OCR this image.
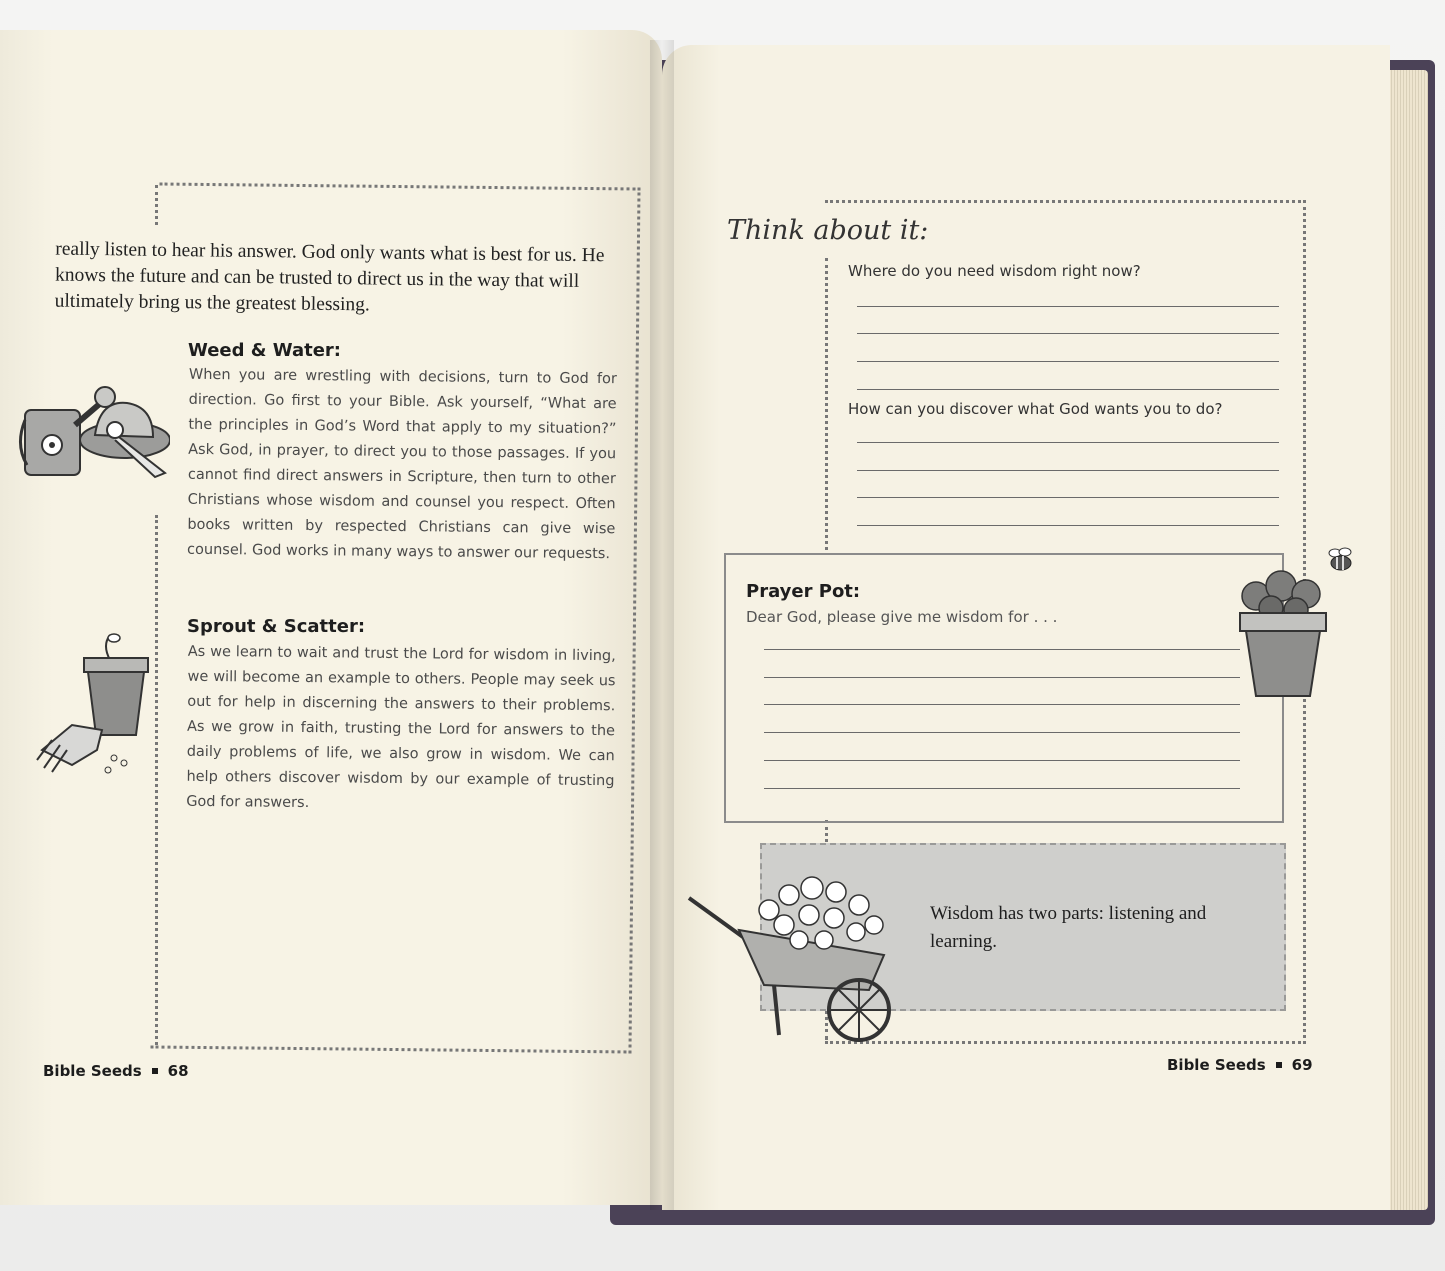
really listen to hear his answer. God only wants what is best for us. He knows the future and can be trusted to direct us in the way that will ultimately bring us the greatest blessing.

Weed & Water:
When you are wrestling with decisions, turn to God for direction. Go first to your Bible. Ask yourself, “What are the principles in God’s Word that apply to my situation?” Ask God, in prayer, to direct you to those passages. If you cannot find direct answers in Scripture, then turn to other Christians whose wisdom and counsel you respect. Often books written by respected Christians can give wise counsel. God works in many ways to answer our requests.
Sprout & Scatter:
As we learn to wait and trust the Lord for wisdom in living, we will become an example to others. People may seek us out for help in discerning the answers to their problems. As we grow in faith, trusting the Lord for answers to the daily problems of life, we also grow in wisdom. We can help others discover wisdom by our example of trusting God for answers.
Bible Seeds 68
Think about it:
Where do you need wisdom right now?
How can you discover what God wants you to do?
Prayer Pot:
Dear God, please give me wisdom for . . .
Wisdom has two parts: listening and learning.
Bible Seeds 69
